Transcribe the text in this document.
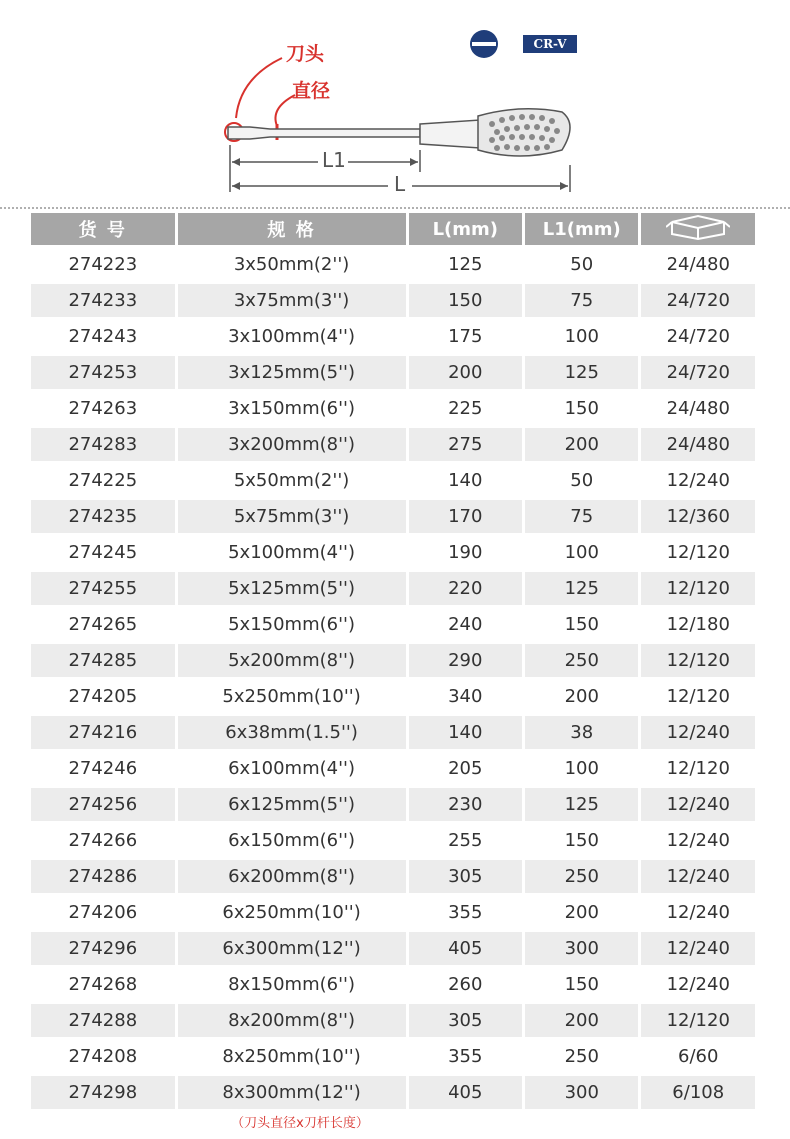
刀头
直径
CR-V
L1
L
货 号	规 格	L(mm)	L1(mm)	
274223	3x50mm(2'')	125	50	24/480
274233	3x75mm(3'')	150	75	24/720
274243	3x100mm(4'')	175	100	24/720
274253	3x125mm(5'')	200	125	24/720
274263	3x150mm(6'')	225	150	24/480
274283	3x200mm(8'')	275	200	24/480
274225	5x50mm(2'')	140	50	12/240
274235	5x75mm(3'')	170	75	12/360
274245	5x100mm(4'')	190	100	12/120
274255	5x125mm(5'')	220	125	12/120
274265	5x150mm(6'')	240	150	12/180
274285	5x200mm(8'')	290	250	12/120
274205	5x250mm(10'')	340	200	12/120
274216	6x38mm(1.5'')	140	38	12/240
274246	6x100mm(4'')	205	100	12/120
274256	6x125mm(5'')	230	125	12/240
274266	6x150mm(6'')	255	150	12/240
274286	6x200mm(8'')	305	250	12/240
274206	6x250mm(10'')	355	200	12/240
274296	6x300mm(12'')	405	300	12/240
274268	8x150mm(6'')	260	150	12/240
274288	8x200mm(8'')	305	200	12/120
274208	8x250mm(10'')	355	250	6/60
274298	8x300mm(12'')	405	300	6/108
（刀头直径x刀杆长度）
